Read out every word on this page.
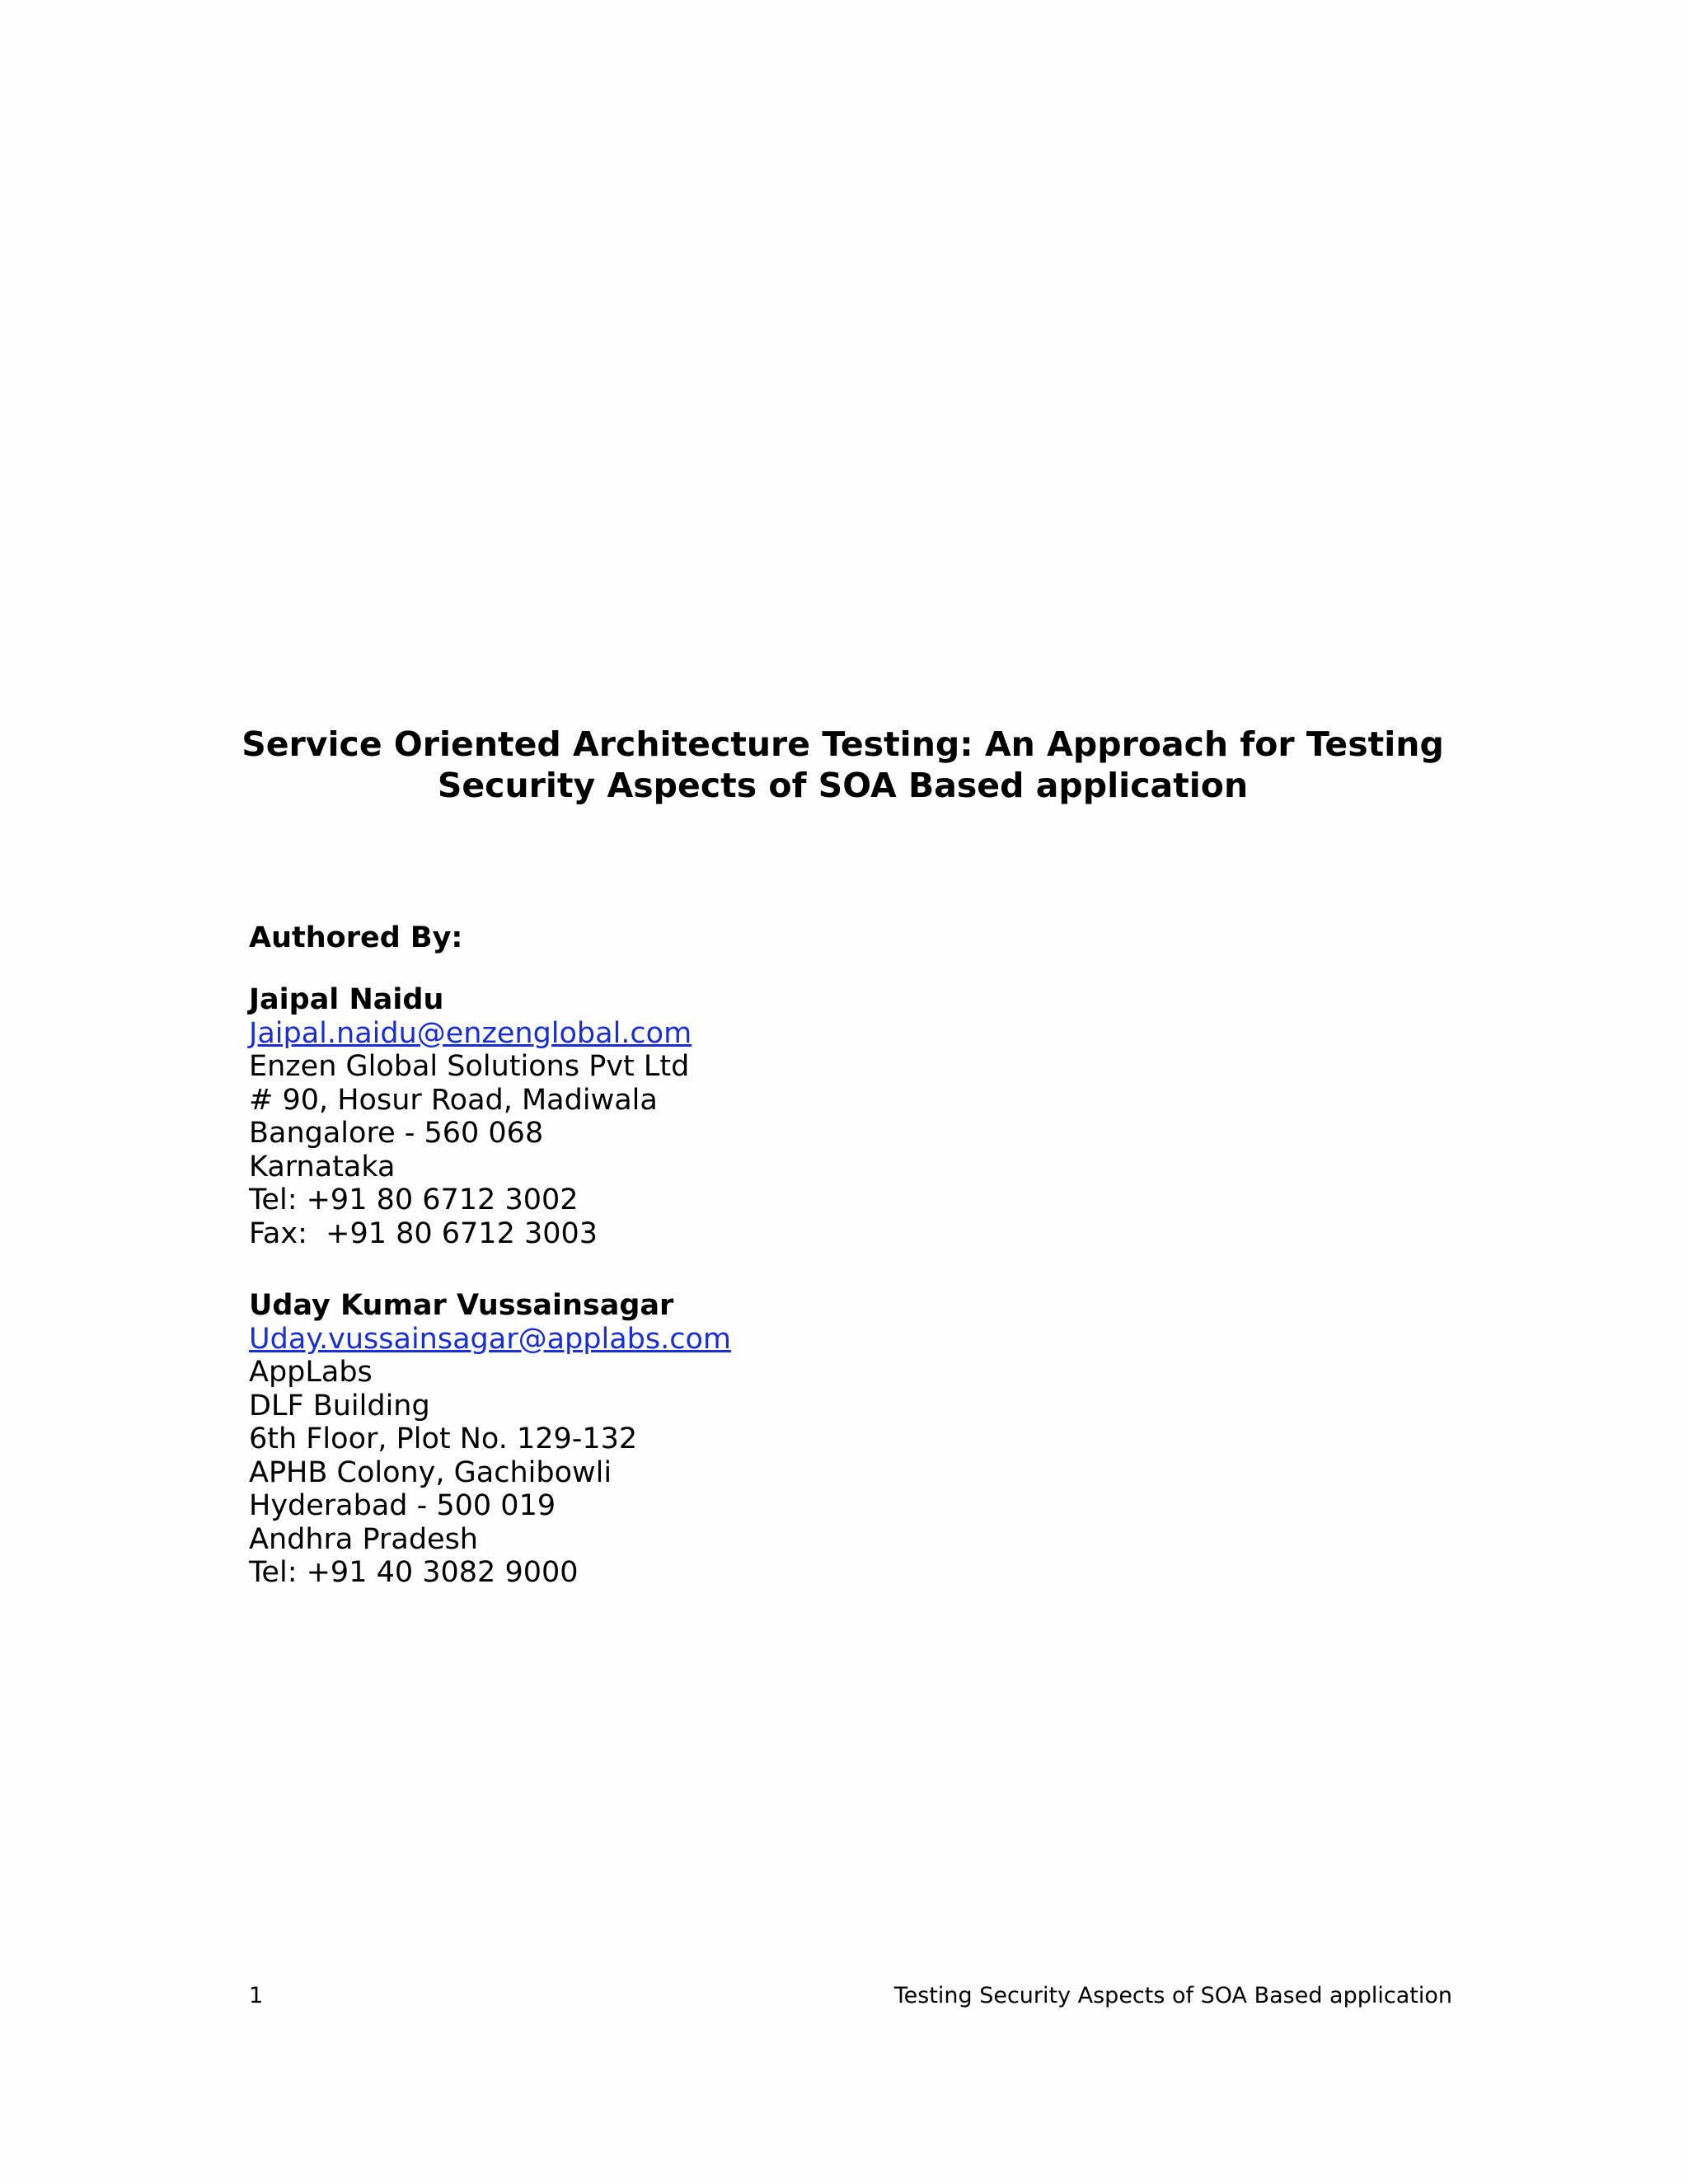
Service Oriented Architecture Testing: An Approach for Testing
Security Aspects of SOA Based application
Authored By:
Jaipal Naidu
Jaipal.naidu@enzenglobal.com
Enzen Global Solutions Pvt Ltd
# 90, Hosur Road, Madiwala
Bangalore - 560 068
Karnataka
Tel: +91 80 6712 3002
Fax:  +91 80 6712 3003
Uday Kumar Vussainsagar
Uday.vussainsagar@applabs.com
AppLabs
DLF Building
6th Floor, Plot No. 129-132
APHB Colony, Gachibowli
Hyderabad - 500 019
Andhra Pradesh
Tel: +91 40 3082 9000
1	Testing Security Aspects of SOA Based application
